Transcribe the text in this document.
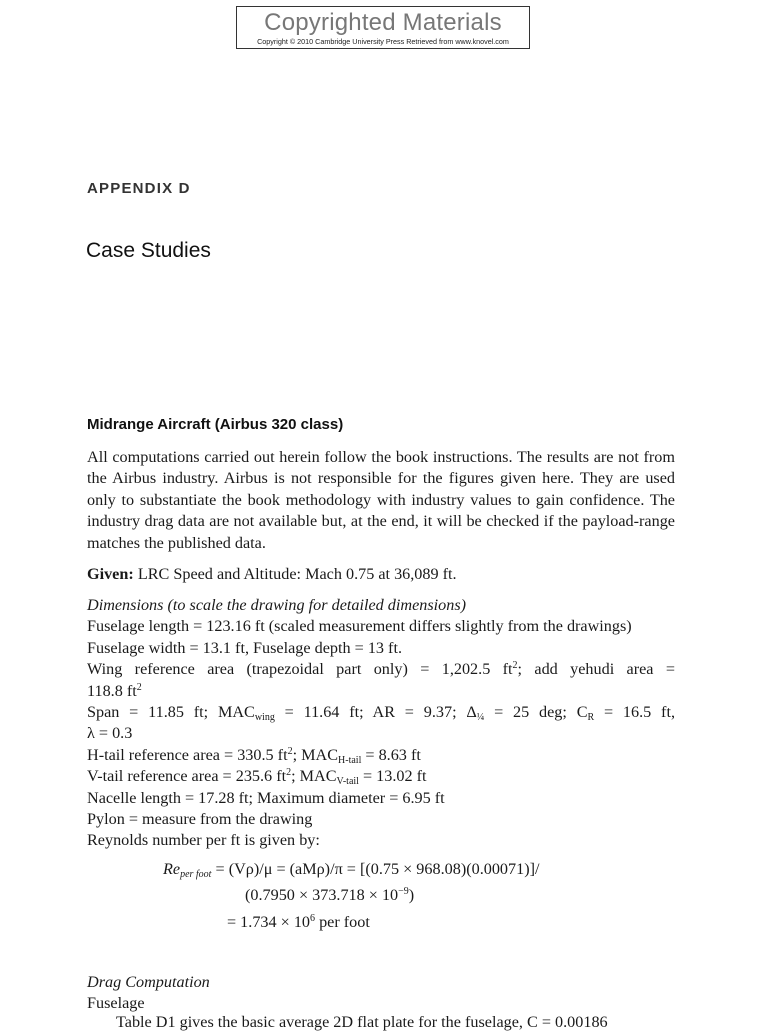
Copyrighted Materials
Copyright © 2010 Cambridge University Press Retrieved from www.knovel.com
APPENDIX D
Case Studies
Midrange Aircraft (Airbus 320 class)
All computations carried out herein follow the book instructions. The results are not from the Airbus industry. Airbus is not responsible for the figures given here. They are used only to substantiate the book methodology with industry values to gain confidence. The industry drag data are not available but, at the end, it will be checked if the payload-range matches the published data.
Given: LRC Speed and Altitude: Mach 0.75 at 36,089 ft.
Dimensions (to scale the drawing for detailed dimensions)
Fuselage length = 123.16 ft (scaled measurement differs slightly from the drawings)
Fuselage width = 13.1 ft, Fuselage depth = 13 ft.
Wing reference area (trapezoidal part only) = 1,202.5 $ft^2$; add yehudi area =
118.8 $ft^2$
Span = 11.85 ft; $MAC_{wing} = 11.64$ ft; AR = 9.37; $\Delta_{\frac{1}{4}} = 25$ deg; $C_R = 16.5$ ft,
λ = 0.3
H-tail reference area = 330.5 $ft^2$; $MAC_{H-tail} = 8.63$ ft
V-tail reference area = 235.6 $ft^2$; $MAC_{V-tail} = 13.02$ ft
Nacelle length = 17.28 ft; Maximum diameter = 6.95 ft
Pylon = measure from the drawing
Reynolds number per ft is given by:
$Re_{per foot} = (V\rho)/\mu = (aM\rho)/\pi = [(0.75 \times 968.08)(0.00071)]/$
$(0.7950 \times 373.718 \times 10^{-9})$
= $1.734 \times 10^6$ per foot
Drag Computation
Fuselage
Table D1 gives the basic average 2D flat plate for the fuselage, C = 0.00186
